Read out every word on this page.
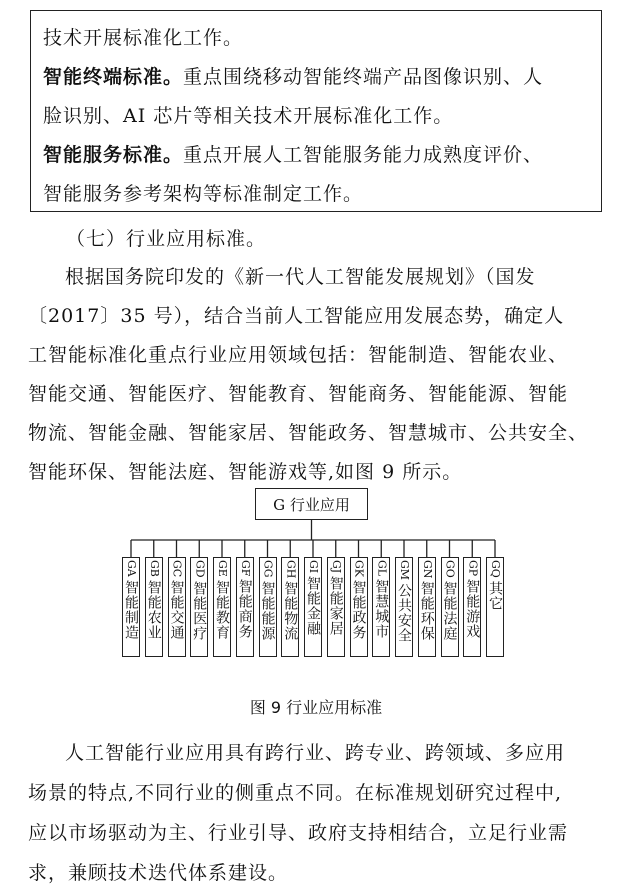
技术开展标准化工作。
智能终端标准。重点围绕移动智能终端产品图像识别、人
脸识别、AI 芯片等相关技术开展标准化工作。
智能服务标准。重点开展人工智能服务能力成熟度评价、
智能服务参考架构等标准制定工作。
（七）行业应用标准。
根据国务院印发的《新一代人工智能发展规划》（国发
〔2017〕35 号），结合当前人工智能应用发展态势，确定人
工智能标准化重点行业应用领域包括：智能制造、智能农业、
智能交通、智能医疗、智能教育、智能商务、智能能源、智能
物流、智能金融、智能家居、智能政务、智慧城市、公共安全、
智能环保、智能法庭、智能游戏等,如图 9 所示。
G 行业应用
GA
智能制造
GB
智能农业
GC
智能交通
GD
智能医疗
GE
智能教育
GF
智能商务
GG
智能能源
GH
智能物流
GI
智能金融
GJ
智能家居
GK
智能政务
GL
智慧城市
GM
公共安全
GN
智能环保
GO
智能法庭
GP
智能游戏
GQ
其它
图 9 行业应用标准
人工智能行业应用具有跨行业、跨专业、跨领域、多应用
场景的特点,不同行业的侧重点不同。在标准规划研究过程中,
应以市场驱动为主、行业引导、政府支持相结合，立足行业需
求，兼顾技术迭代体系建设。
